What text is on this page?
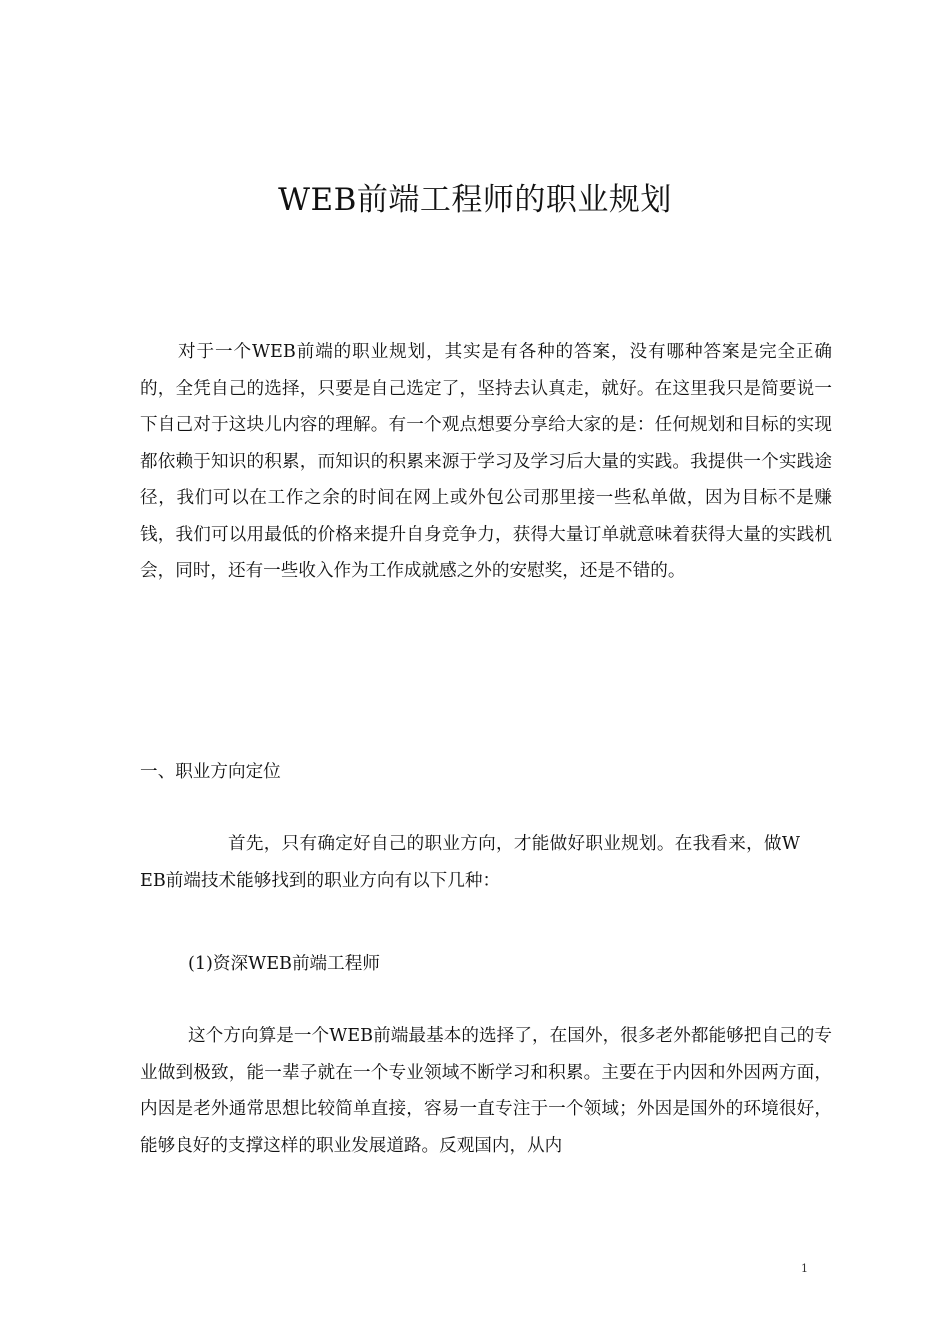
WEB前端工程师的职业规划

对于一个WEB前端的职业规划，其实是有各种的答案，没有哪种答案是完全正确的，全凭自己的选择，只要是自己选定了，坚持去认真走，就好。在这里我只是简要说一下自己对于这块儿内容的理解。有一个观点想要分享给大家的是：任何规划和目标的实现都依赖于知识的积累，而知识的积累来源于学习及学习后大量的实践。我提供一个实践途径，我们可以在工作之余的时间在网上或外包公司那里接一些私单做，因为目标不是赚钱，我们可以用最低的价格来提升自身竞争力，获得大量订单就意味着获得大量的实践机会，同时，还有一些收入作为工作成就感之外的安慰奖，还是不错的。

一、职业方向定位

首先，只有确定好自己的职业方向，才能做好职业规划。在我看来，做WEB前端技术能够找到的职业方向有以下几种：

(1)资深WEB前端工程师

这个方向算是一个WEB前端最基本的选择了，在国外，很多老外都能够把自己的专业做到极致，能一辈子就在一个专业领域不断学习和积累。主要在于内因和外因两方面，内因是老外通常思想比较简单直接，容易一直专注于一个领域；外因是国外的环境很好，能够良好的支撑这样的职业发展道路。反观国内，从内

1
